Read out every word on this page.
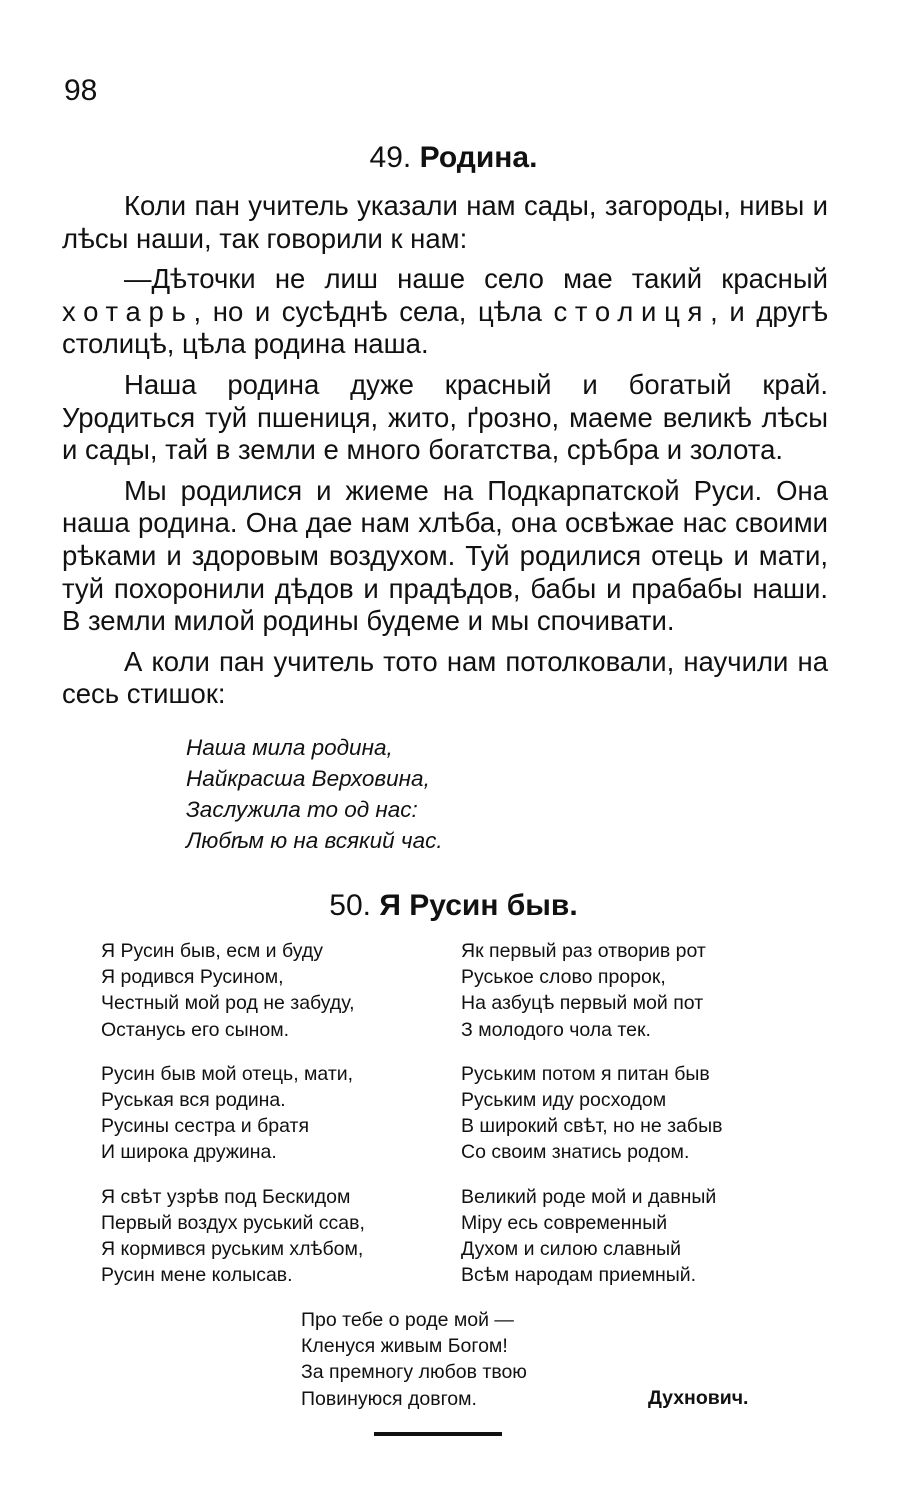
98
49. Родина.

Коли пан учитель указали нам сады, загороды, нивы и лѣсы наши, так говорили к нам:

—Дѣточки не лиш наше село мае такий красный хотарь, но и сусѣднѣ села, цѣла столиця, и другѣ столицѣ, цѣла родина наша.

Наша родина дуже красный и богатый край. Уродиться туй пшениця, жито, ґрозно, маеме великѣ лѣсы и сады, тай в земли е много богатства, срѣбра и золота.

Мы родилися и жиеме на Подкарпатской Руси. Она наша родина. Она дае нам хлѣба, она освѣжае нас своими рѣками и здоровым воздухом. Туй родилися отець и мати, туй похоронили дѣдов и прадѣдов, бабы и прабабы наши. В земли милой родины будеме и мы спочивати.

А коли пан учитель тото нам потолковали, научили на сесь стишок:

Наша мила родина,
Найкрасша Верховина,
Заслужила то од нас:
Любѣм ю на всякий час.
50. Я Русин быв.
Я Русин быв, есм и буду
Я родився Русином,
Честный мой род не забуду,
Останусь его сыном.
Русин быв мой отець, мати,
Руськая вся родина.
Русины сестра и братя
И широка дружина.
Я свѣт узрѣв под Бескидом
Первый воздух руський ссав,
Я кормився руським хлѣбом,
Русин мене колысав.
Як первый раз отворив рот
Руськое слово пророк,
На азбуцѣ первый мой пот
З молодого чола тек.
Руським потом я питан быв
Руським иду росходом
В широкий свѣт, но не забыв
Со своим знатись родом.
Великий роде мой и давный
Міру есь современный
Духом и силою славный
Всѣм народам приемный.
Про тебе о роде мой —
Кленуся живым Богом!
За премногу любов твою
Повинуюся довгом.	Духнович.
